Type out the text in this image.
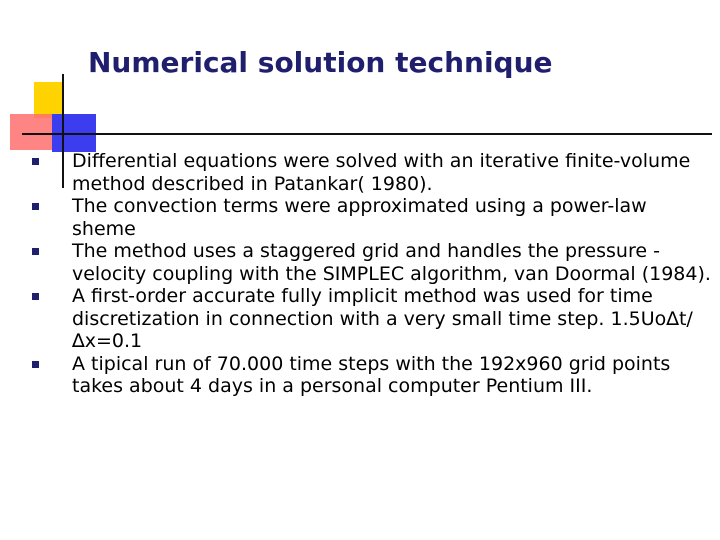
Numerical solution technique
Differential equations were solved with an iterative finite-volume method described in Patankar( 1980).
The convection terms were approximated using a power-law sheme
The method uses a staggered grid and handles the pressure -velocity coupling with the SIMPLEC algorithm, van Doormal (1984).
A first-order accurate fully implicit method was used for time discretization in connection with a very small time step. 1.5Uo∆t/∆x=0.1
A tipical run of 70.000 time steps with the 192x960 grid points takes about 4 days in a personal computer Pentium III.
